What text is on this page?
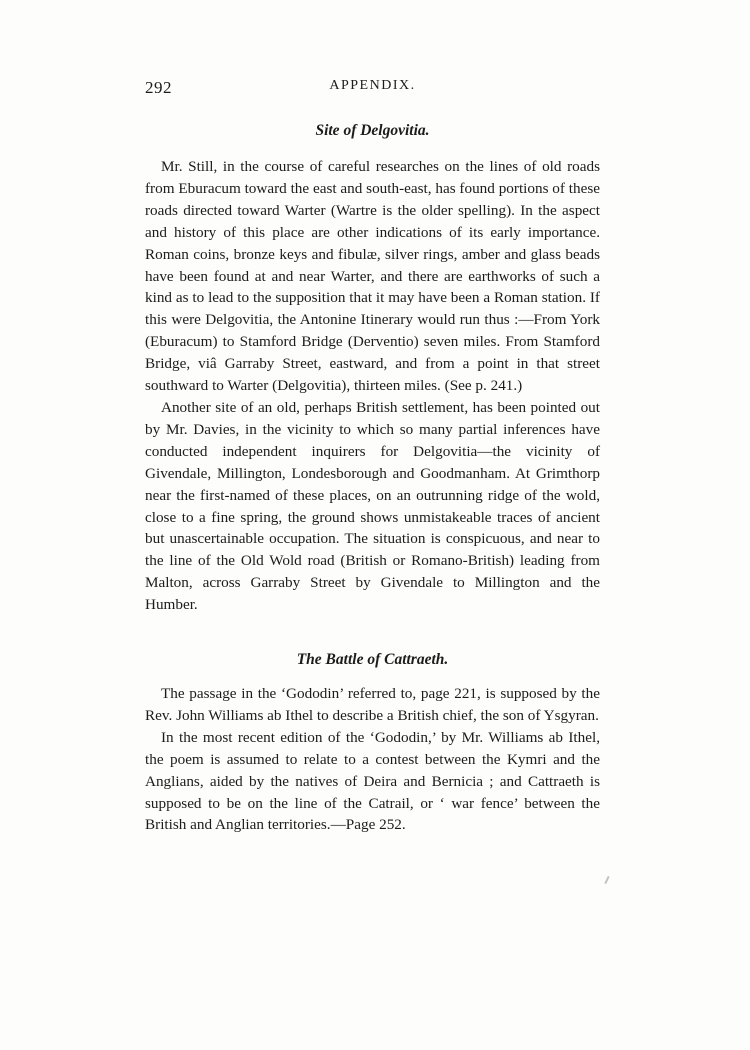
292	APPENDIX.
Site of Delgovitia.

Mr. Still, in the course of careful researches on the lines of old roads from Eburacum toward the east and south-east, has found portions of these roads directed toward Warter (Wartre is the older spelling). In the aspect and history of this place are other indications of its early importance. Roman coins, bronze keys and fibulæ, silver rings, amber and glass beads have been found at and near Warter, and there are earthworks of such a kind as to lead to the supposition that it may have been a Roman station. If this were Delgovitia, the Antonine Itinerary would run thus :—From York (Eburacum) to Stamford Bridge (Derventio) seven miles. From Stamford Bridge, viâ Garraby Street, eastward, and from a point in that street southward to Warter (Delgovitia), thirteen miles. (See p. 241.)

Another site of an old, perhaps British settlement, has been pointed out by Mr. Davies, in the vicinity to which so many partial inferences have conducted independent inquirers for Delgovitia—the vicinity of Givendale, Millington, Londesborough and Goodmanham. At Grimthorp near the first-named of these places, on an outrunning ridge of the wold, close to a fine spring, the ground shows unmistakeable traces of ancient but unascertainable occupation. The situation is conspicuous, and near to the line of the Old Wold road (British or Romano-British) leading from Malton, across Garraby Street by Givendale to Millington and the Humber.

The Battle of Cattraeth.

The passage in the ‘Gododin’ referred to, page 221, is supposed by the Rev. John Williams ab Ithel to describe a British chief, the son of Ysgyran.

In the most recent edition of the ‘Gododin,’ by Mr. Williams ab Ithel, the poem is assumed to relate to a contest between the Kymri and the Anglians, aided by the natives of Deira and Bernicia ; and Cattraeth is supposed to be on the line of the Catrail, or ‘ war fence’ between the British and Anglian territories.—Page 252.
